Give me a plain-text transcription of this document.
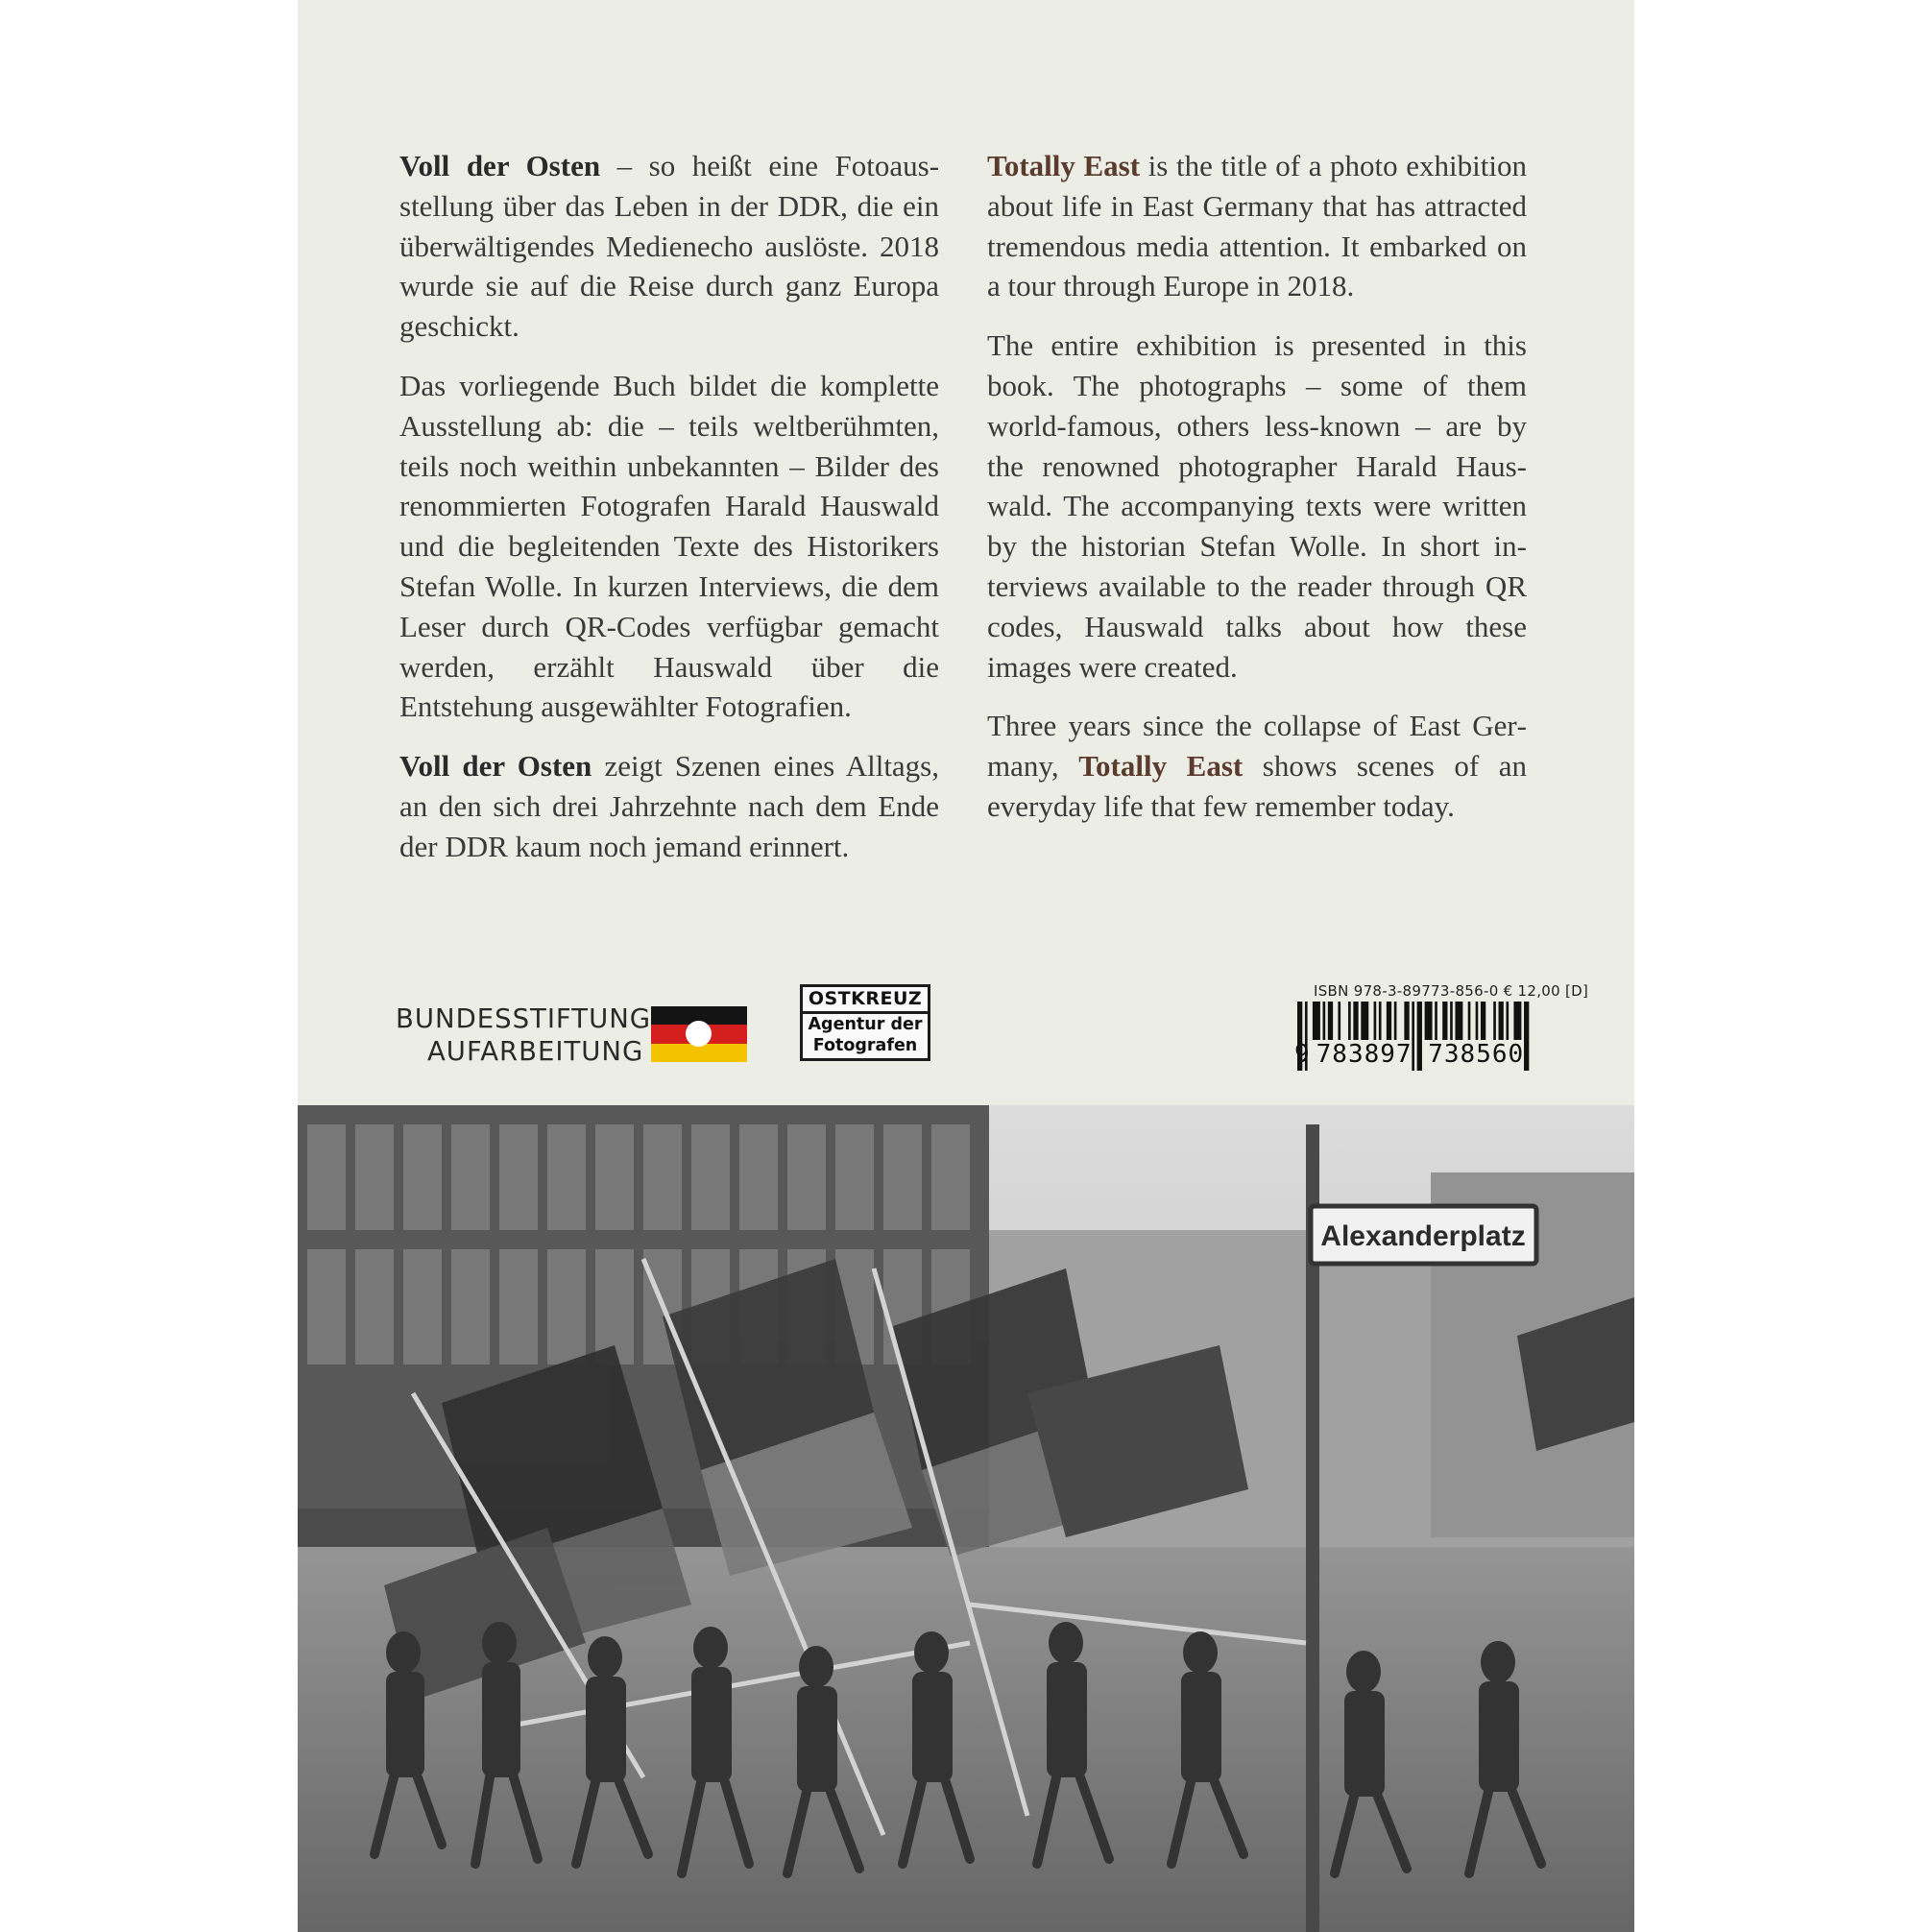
Voll der Osten – so heißt eine Fotoausstellung über das Leben in der DDR, die ein überwältigendes Medienecho auslöste. 2018 wurde sie auf die Reise durch ganz Europa geschickt.

Das vorliegende Buch bildet die komplette Ausstellung ab: die – teils weltberühmten, teils noch weithin unbekannten – Bilder des renommierten Fotografen Harald Hauswald und die begleitenden Texte des Historikers Stefan Wolle. In kurzen Interviews, die dem Leser durch QR-Codes verfügbar gemacht werden, erzählt Hauswald über die Entstehung ausgewählter Fotografien.

Voll der Osten zeigt Szenen eines Alltags, an den sich drei Jahrzehnte nach dem Ende der DDR kaum noch jemand erinnert.

Totally East is the title of a photo exhibition about life in East Germany that has attracted tremendous media attention. It embarked on a tour through Europe in 2018.

The entire exhibition is presented in this book. The photographs – some of them world-famous, others less-known – are by the renowned photographer Harald Hauswald. The accompanying texts were written by the historian Stefan Wolle. In short interviews available to the reader through QR codes, Hauswald talks about how these images were created.

Three years since the collapse of East Germany, Totally East shows scenes of an everyday life that few remember today.

BUNDESSTIFTUNG
AUFARBEITUNG
OSTKREUZ
Agentur der
Fotografen
ISBN 978-3-89773-856-0 € 12,00 [D]
9 783897 738560
Alexanderplatz
